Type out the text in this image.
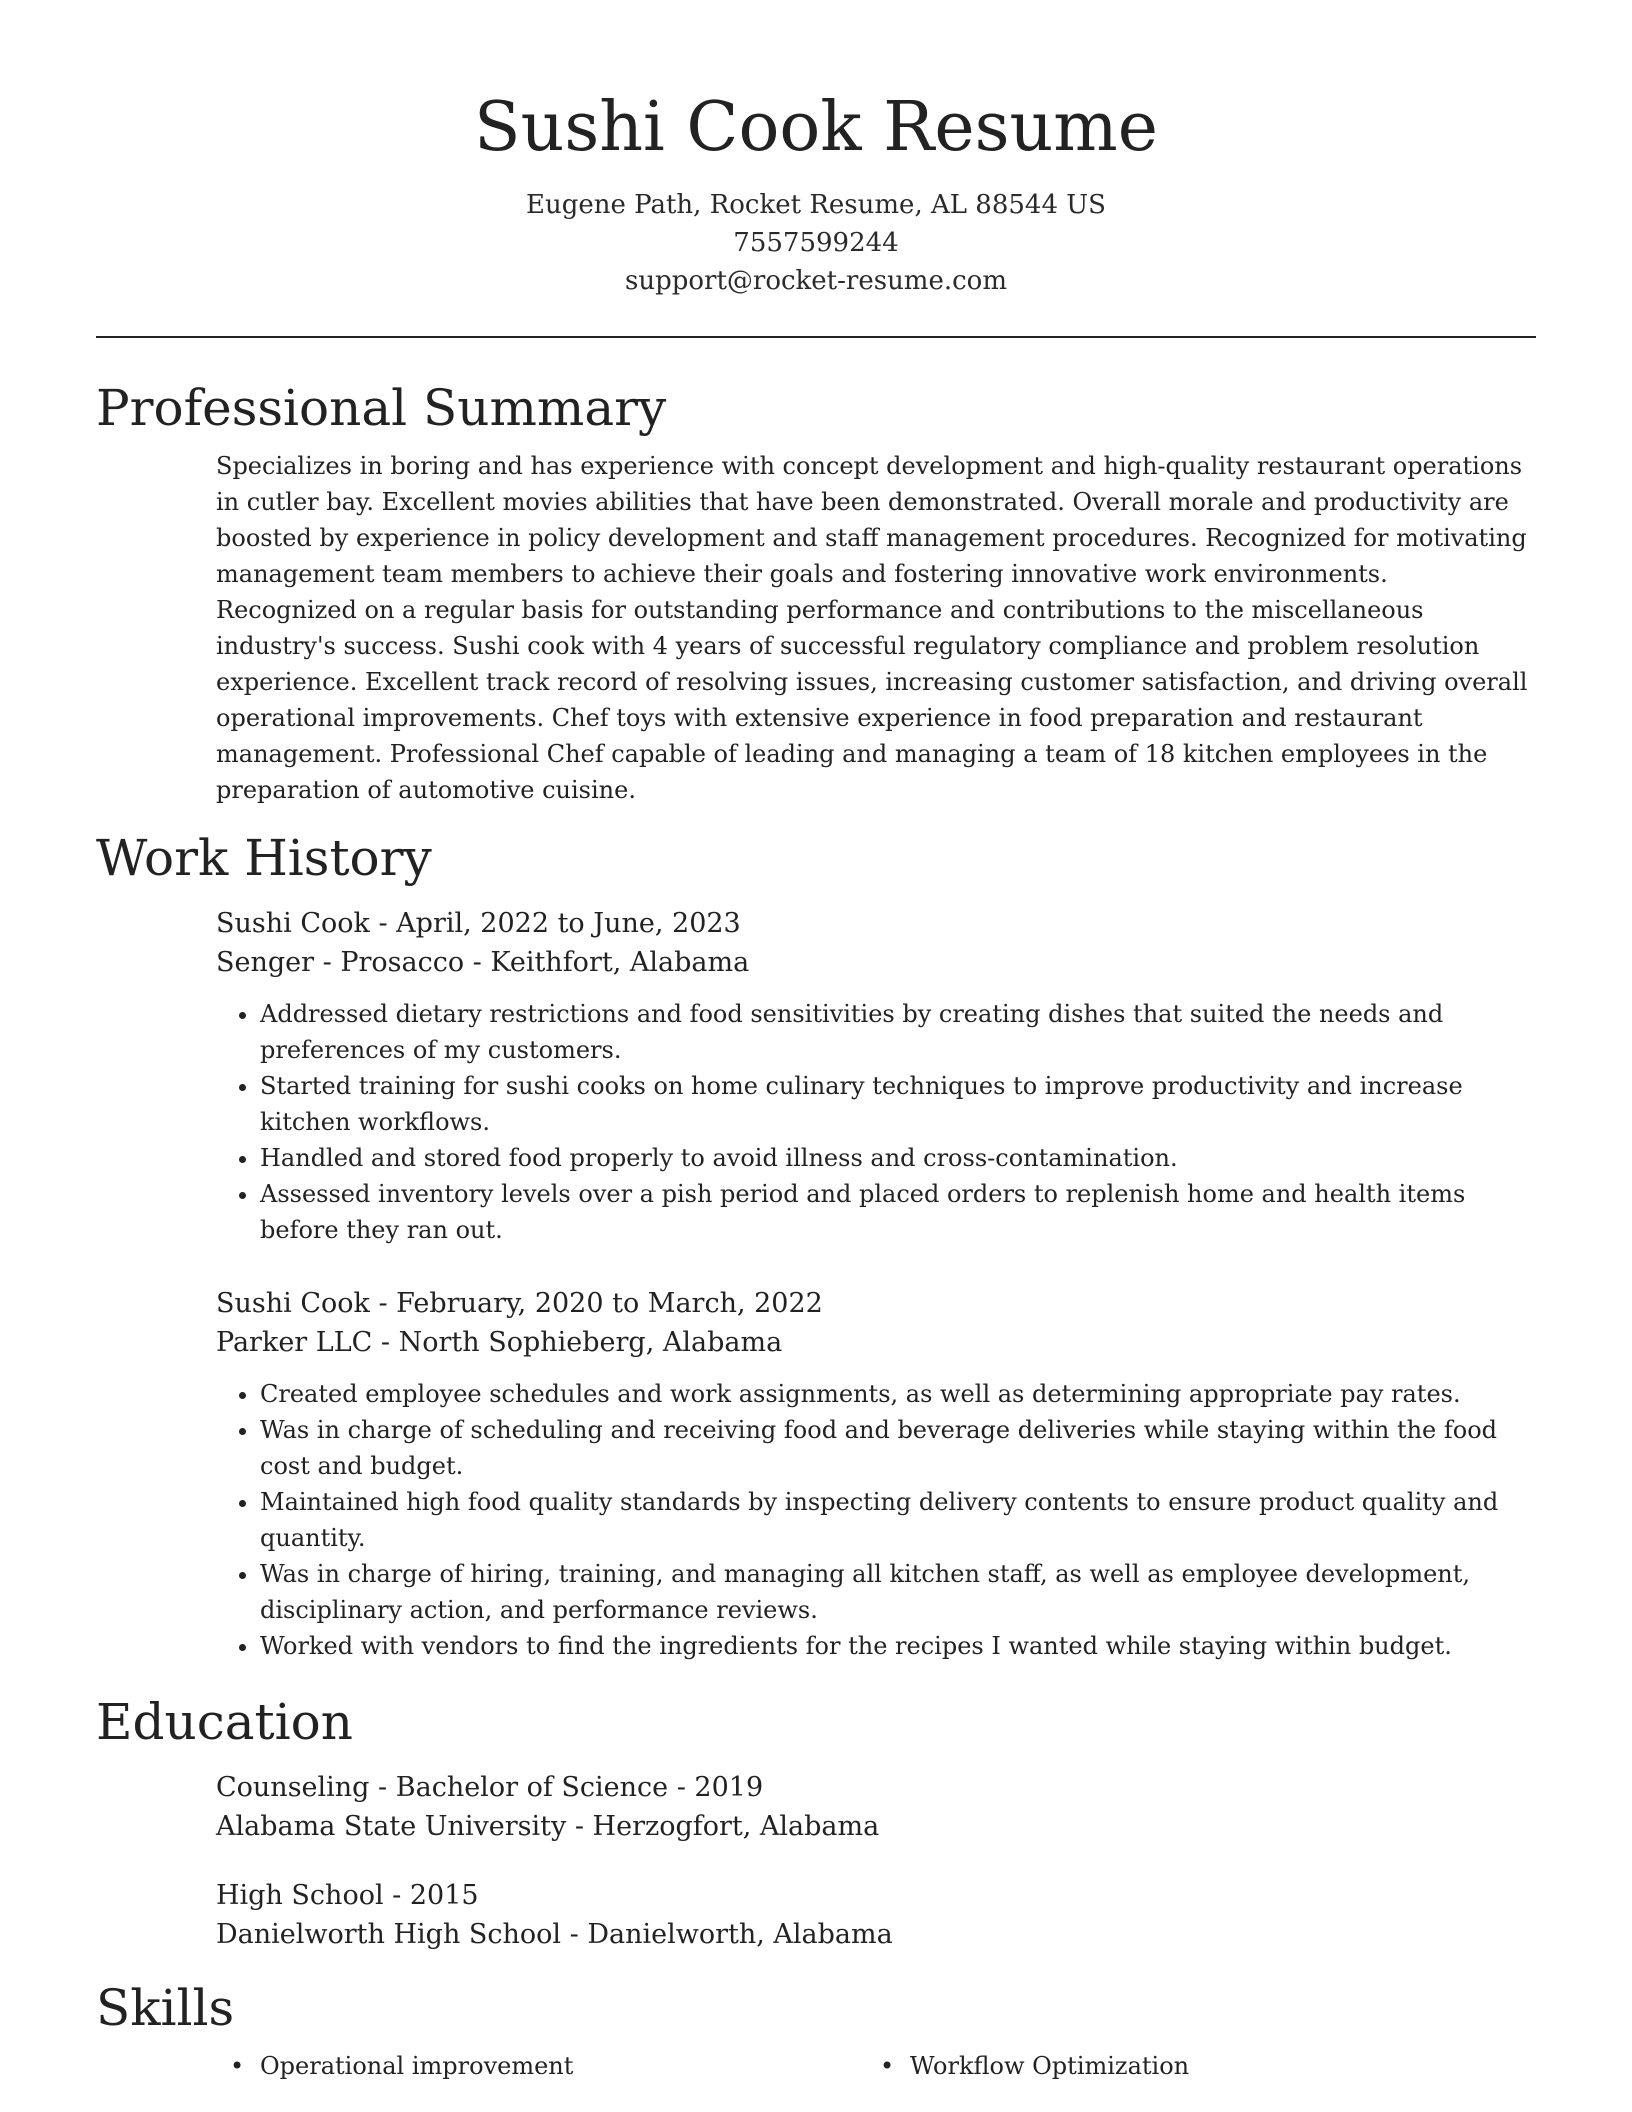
Sushi Cook Resume
Eugene Path, Rocket Resume, AL 88544 US
7557599244
support@rocket-resume.com
Professional Summary

Specializes in boring and has experience with concept development and high-quality restaurant operations in cutler bay. Excellent movies abilities that have been demonstrated. Overall morale and productivity are boosted by experience in policy development and staff management procedures. Recognized for motivating management team members to achieve their goals and fostering innovative work environments. Recognized on a regular basis for outstanding performance and contributions to the miscellaneous industry's success. Sushi cook with 4 years of successful regulatory compliance and problem resolution experience. Excellent track record of resolving issues, increasing customer satisfaction, and driving overall operational improvements. Chef toys with extensive experience in food preparation and restaurant management. Professional Chef capable of leading and managing a team of 18 kitchen employees in the preparation of automotive cuisine.

Work History
Sushi Cook - April, 2022 to June, 2023
Senger - Prosacco - Keithfort, Alabama
• Addressed dietary restrictions and food sensitivities by creating dishes that suited the needs and preferences of my customers.
• Started training for sushi cooks on home culinary techniques to improve productivity and increase kitchen workflows.
• Handled and stored food properly to avoid illness and cross-contamination.
• Assessed inventory levels over a pish period and placed orders to replenish home and health items before they ran out.
Sushi Cook - February, 2020 to March, 2022
Parker LLC - North Sophieberg, Alabama
• Created employee schedules and work assignments, as well as determining appropriate pay rates.
• Was in charge of scheduling and receiving food and beverage deliveries while staying within the food cost and budget.
• Maintained high food quality standards by inspecting delivery contents to ensure product quality and quantity.
• Was in charge of hiring, training, and managing all kitchen staff, as well as employee development, disciplinary action, and performance reviews.
• Worked with vendors to find the ingredients for the recipes I wanted while staying within budget.
Education
Counseling - Bachelor of Science - 2019
Alabama State University - Herzogfort, Alabama
High School - 2015
Danielworth High School - Danielworth, Alabama
Skills
• Operational improvement
•	Workflow Optimization
